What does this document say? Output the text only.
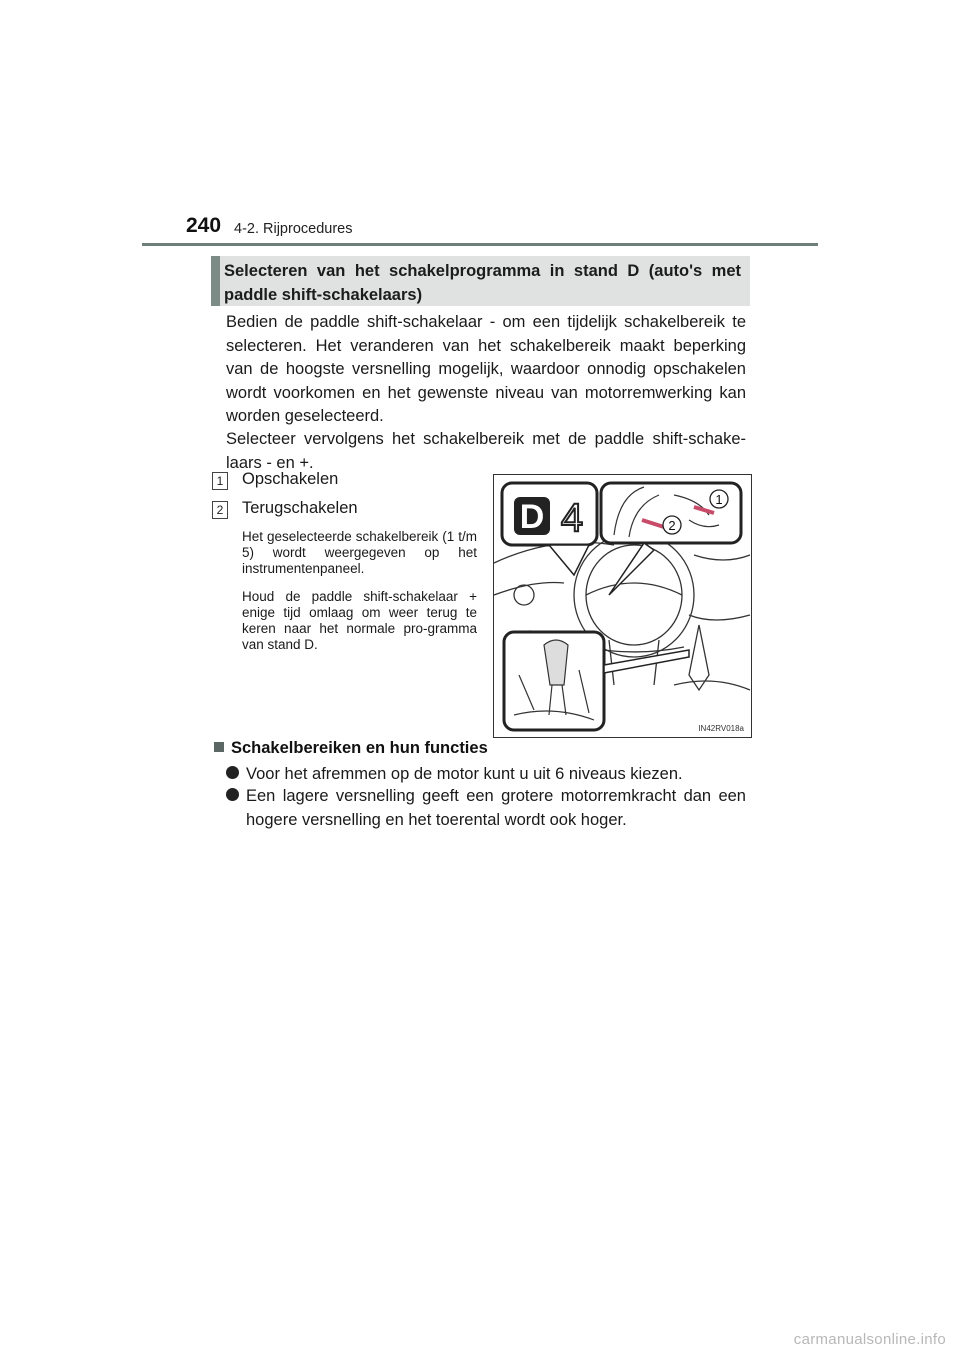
240 4-2. Rijprocedures
Selecteren van het schakelprogramma in stand D (auto's met paddle shift-schakelaars)

Bedien de paddle shift-schakelaar - om een tijdelijk schakelbereik te selecteren. Het veranderen van het schakelbereik maakt beperking van de hoogste versnelling mogelijk, waardoor onnodig opschakelen wordt voorkomen en het gewenste niveau van motorremwerking kan worden geselecteerd.

Selecteer vervolgens het schakelbereik met de paddle shift-schake-laars - en +.

1 Opschakelen
2 Terugschakelen
Het geselecteerde schakelbereik (1 t/m 5) wordt weergegeven op het instrumentenpaneel.
Houd de paddle shift-schakelaar + enige tijd omlaag om weer terug te keren naar het normale pro-gramma van stand D.
D 4	1
2
IN42RV018a
Schakelbereiken en hun functies
Voor het afremmen op de motor kunt u uit 6 niveaus kiezen.
Een lagere versnelling geeft een grotere motorremkracht dan een hogere versnelling en het toerental wordt ook hoger.
carmanualsonline.info
